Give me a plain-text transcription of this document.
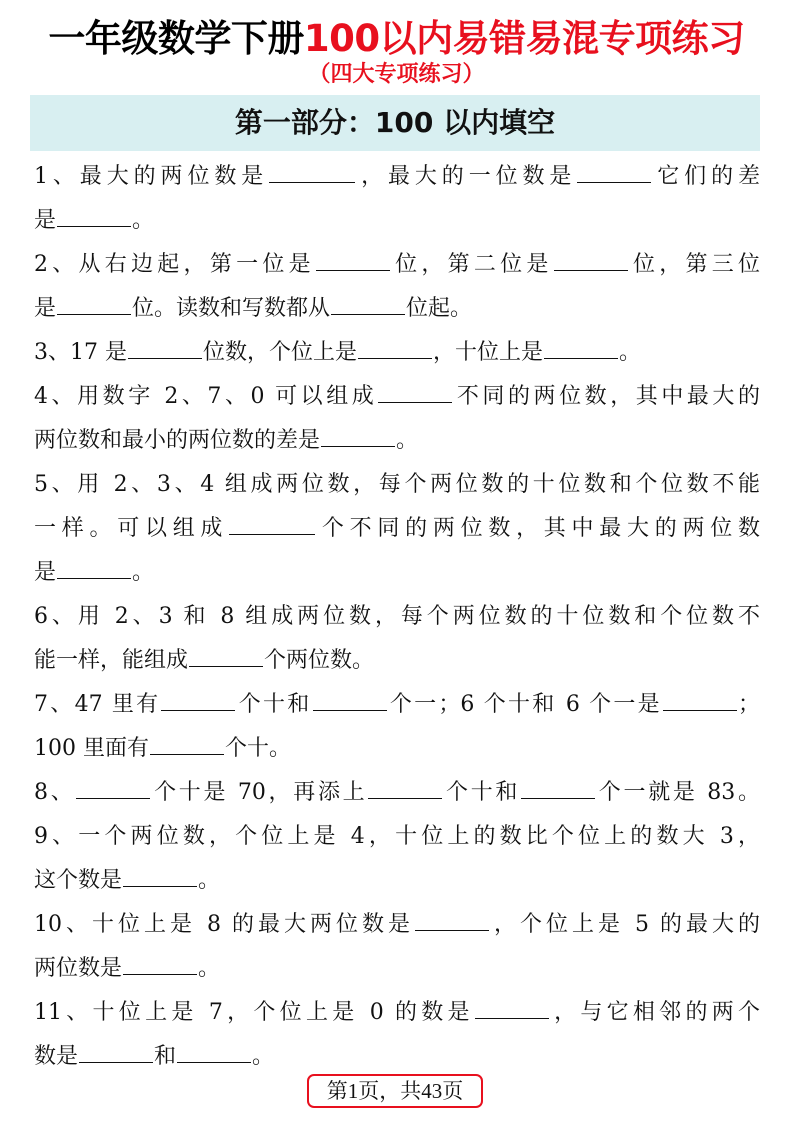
一年级数学下册100以内易错易混专项练习
（四大专项练习）
第一部分：100 以内填空
1、最大的两位数是	，最大的一位数是	它们的差
是	。
2、从右边起，第一位是	位，第二位是	位，第三位
是	位。读数和写数都从	位起。
3、17 是	位数，个位上是	，十位上是	。
4、用数字 2、7、0 可以组成	不同的两位数，其中最大的
两位数和最小的两位数的差是	。
5、用 2、3、4 组成两位数，每个两位数的十位数和个位数不能
一样。可以组成	个不同的两位数，其中最大的两位数
是	。
6、用 2、3 和 8 组成两位数，每个两位数的十位数和个位数不
能一样，能组成	个两位数。
7、47 里有	个十和	个一；6 个十和 6 个一是	；
100 里面有	个十。
8、	个十是 70，再添上	个十和	个一就是 83。
9、一个两位数，个位上是 4，十位上的数比个位上的数大 3，
这个数是	。
10、十位上是 8 的最大两位数是	，个位上是 5 的最大的
两位数是	。
11、十位上是 7，个位上是 0 的数是	，与它相邻的两个
数是	和	。
第1页，共43页
